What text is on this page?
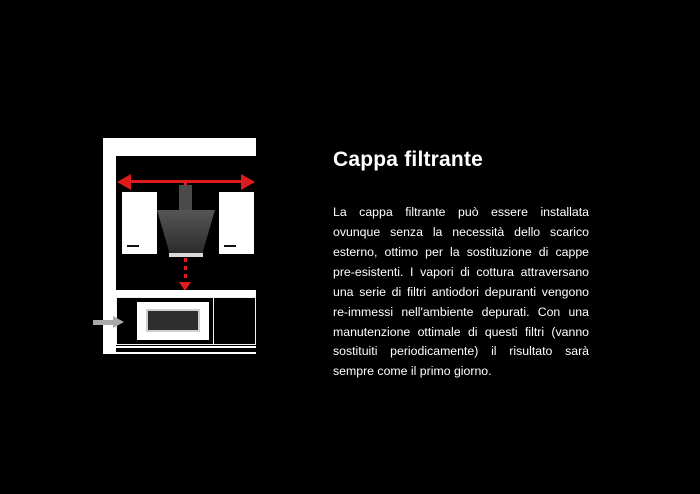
Cappa filtrante

La cappa filtrante può essere installata ovunque senza la necessità dello scarico esterno, ottimo per la sostituzione di cappe pre-esistenti. I vapori di cottura attraversano una serie di filtri antiodori depuranti vengono re-immessi nell'ambiente depurati. Con una manutenzione ottimale di questi filtri (vanno sostituiti periodicamente) il risultato sarà sempre come il primo giorno.
